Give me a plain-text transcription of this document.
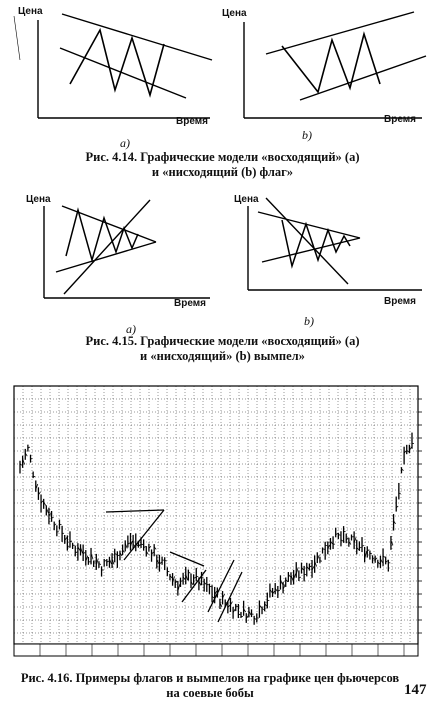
Цена
Время
a)
Цена
Время
b)
Рис. 4.14. Графические модели «восходящий» (a)
и «нисходящий (b) флаг»
Цена
Время
a)
Цена
Время
b)
Рис. 4.15. Графические модели «восходящий» (a)
и «нисходящий» (b) вымпел»
Рис. 4.16. Примеры флагов и вымпелов на графике цен фьючерсов
на соевые бобы	147
